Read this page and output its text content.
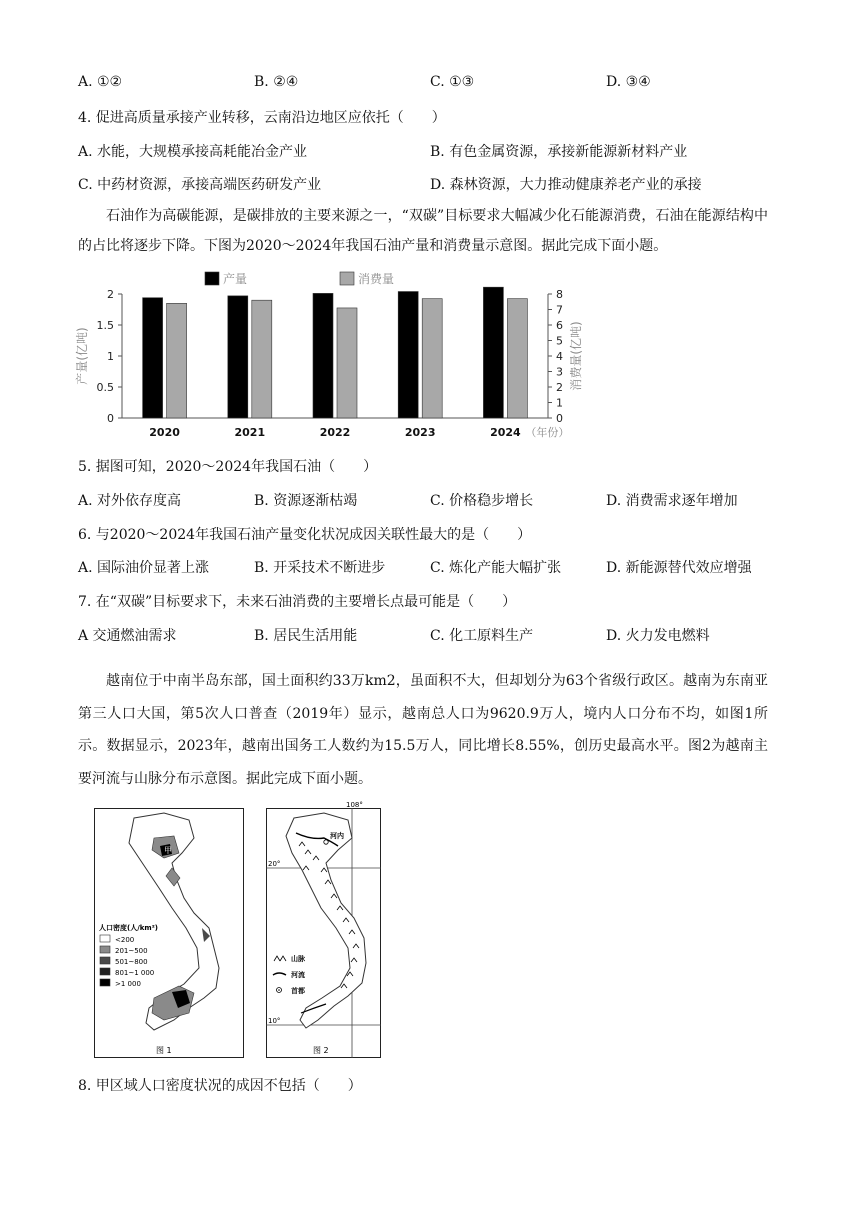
A. ①②	B. ②④	C. ①③	D. ③④
4. 促进高质量承接产业转移，云南沿边地区应依托（　　）
A. 水能，大规模承接高耗能冶金产业	B. 有色金属资源，承接新能源新材料产业
C. 中药材资源，承接高端医药研发产业	D. 森林资源，大力推动健康养老产业的承接
石油作为高碳能源，是碳排放的主要来源之一，“双碳”目标要求大幅减少化石能源消费，石油在能源结构中的占比将逐步下降。下图为2020～2024年我国石油产量和消费量示意图。据此完成下面小题。
产量	消费量
0
0.5
1
1.5
2
0
1
2
3
4
5
6
7
8
产量(亿吨)	消费量(亿吨)
2020	2021	2022	2023	2024 （年份）
5. 据图可知，2020～2024年我国石油（　　）
A. 对外依存度高	B. 资源逐渐枯竭	C. 价格稳步增长	D. 消费需求逐年增加
6. 与2020～2024年我国石油产量变化状况成因关联性最大的是（　　）
A. 国际油价显著上涨	B. 开采技术不断进步	C. 炼化产能大幅扩张	D. 新能源替代效应增强
7. 在“双碳”目标要求下，未来石油消费的主要增长点最可能是（　　）
A 交通燃油需求	B. 居民生活用能	C. 化工原料生产	D. 火力发电燃料
越南位于中南半岛东部，国土面积约33万km2，虽面积不大，但却划分为63个省级行政区。越南为东南亚第三人口大国，第5次人口普查（2019年）显示，越南总人口为9620.9万人，境内人口分布不均，如图1所示。数据显示，2023年，越南出国务工人数约为15.5万人，同比增长8.55%，创历史最高水平。图2为越南主要河流与山脉分布示意图。据此完成下面小题。
甲
人口密度(人/km²)
<200
201~500
501~800
801~1 000
>1 000
图 1
108°
20°
10°
河内
山脉
河流
首都
图 2
8. 甲区域人口密度状况的成因不包括（　　）
